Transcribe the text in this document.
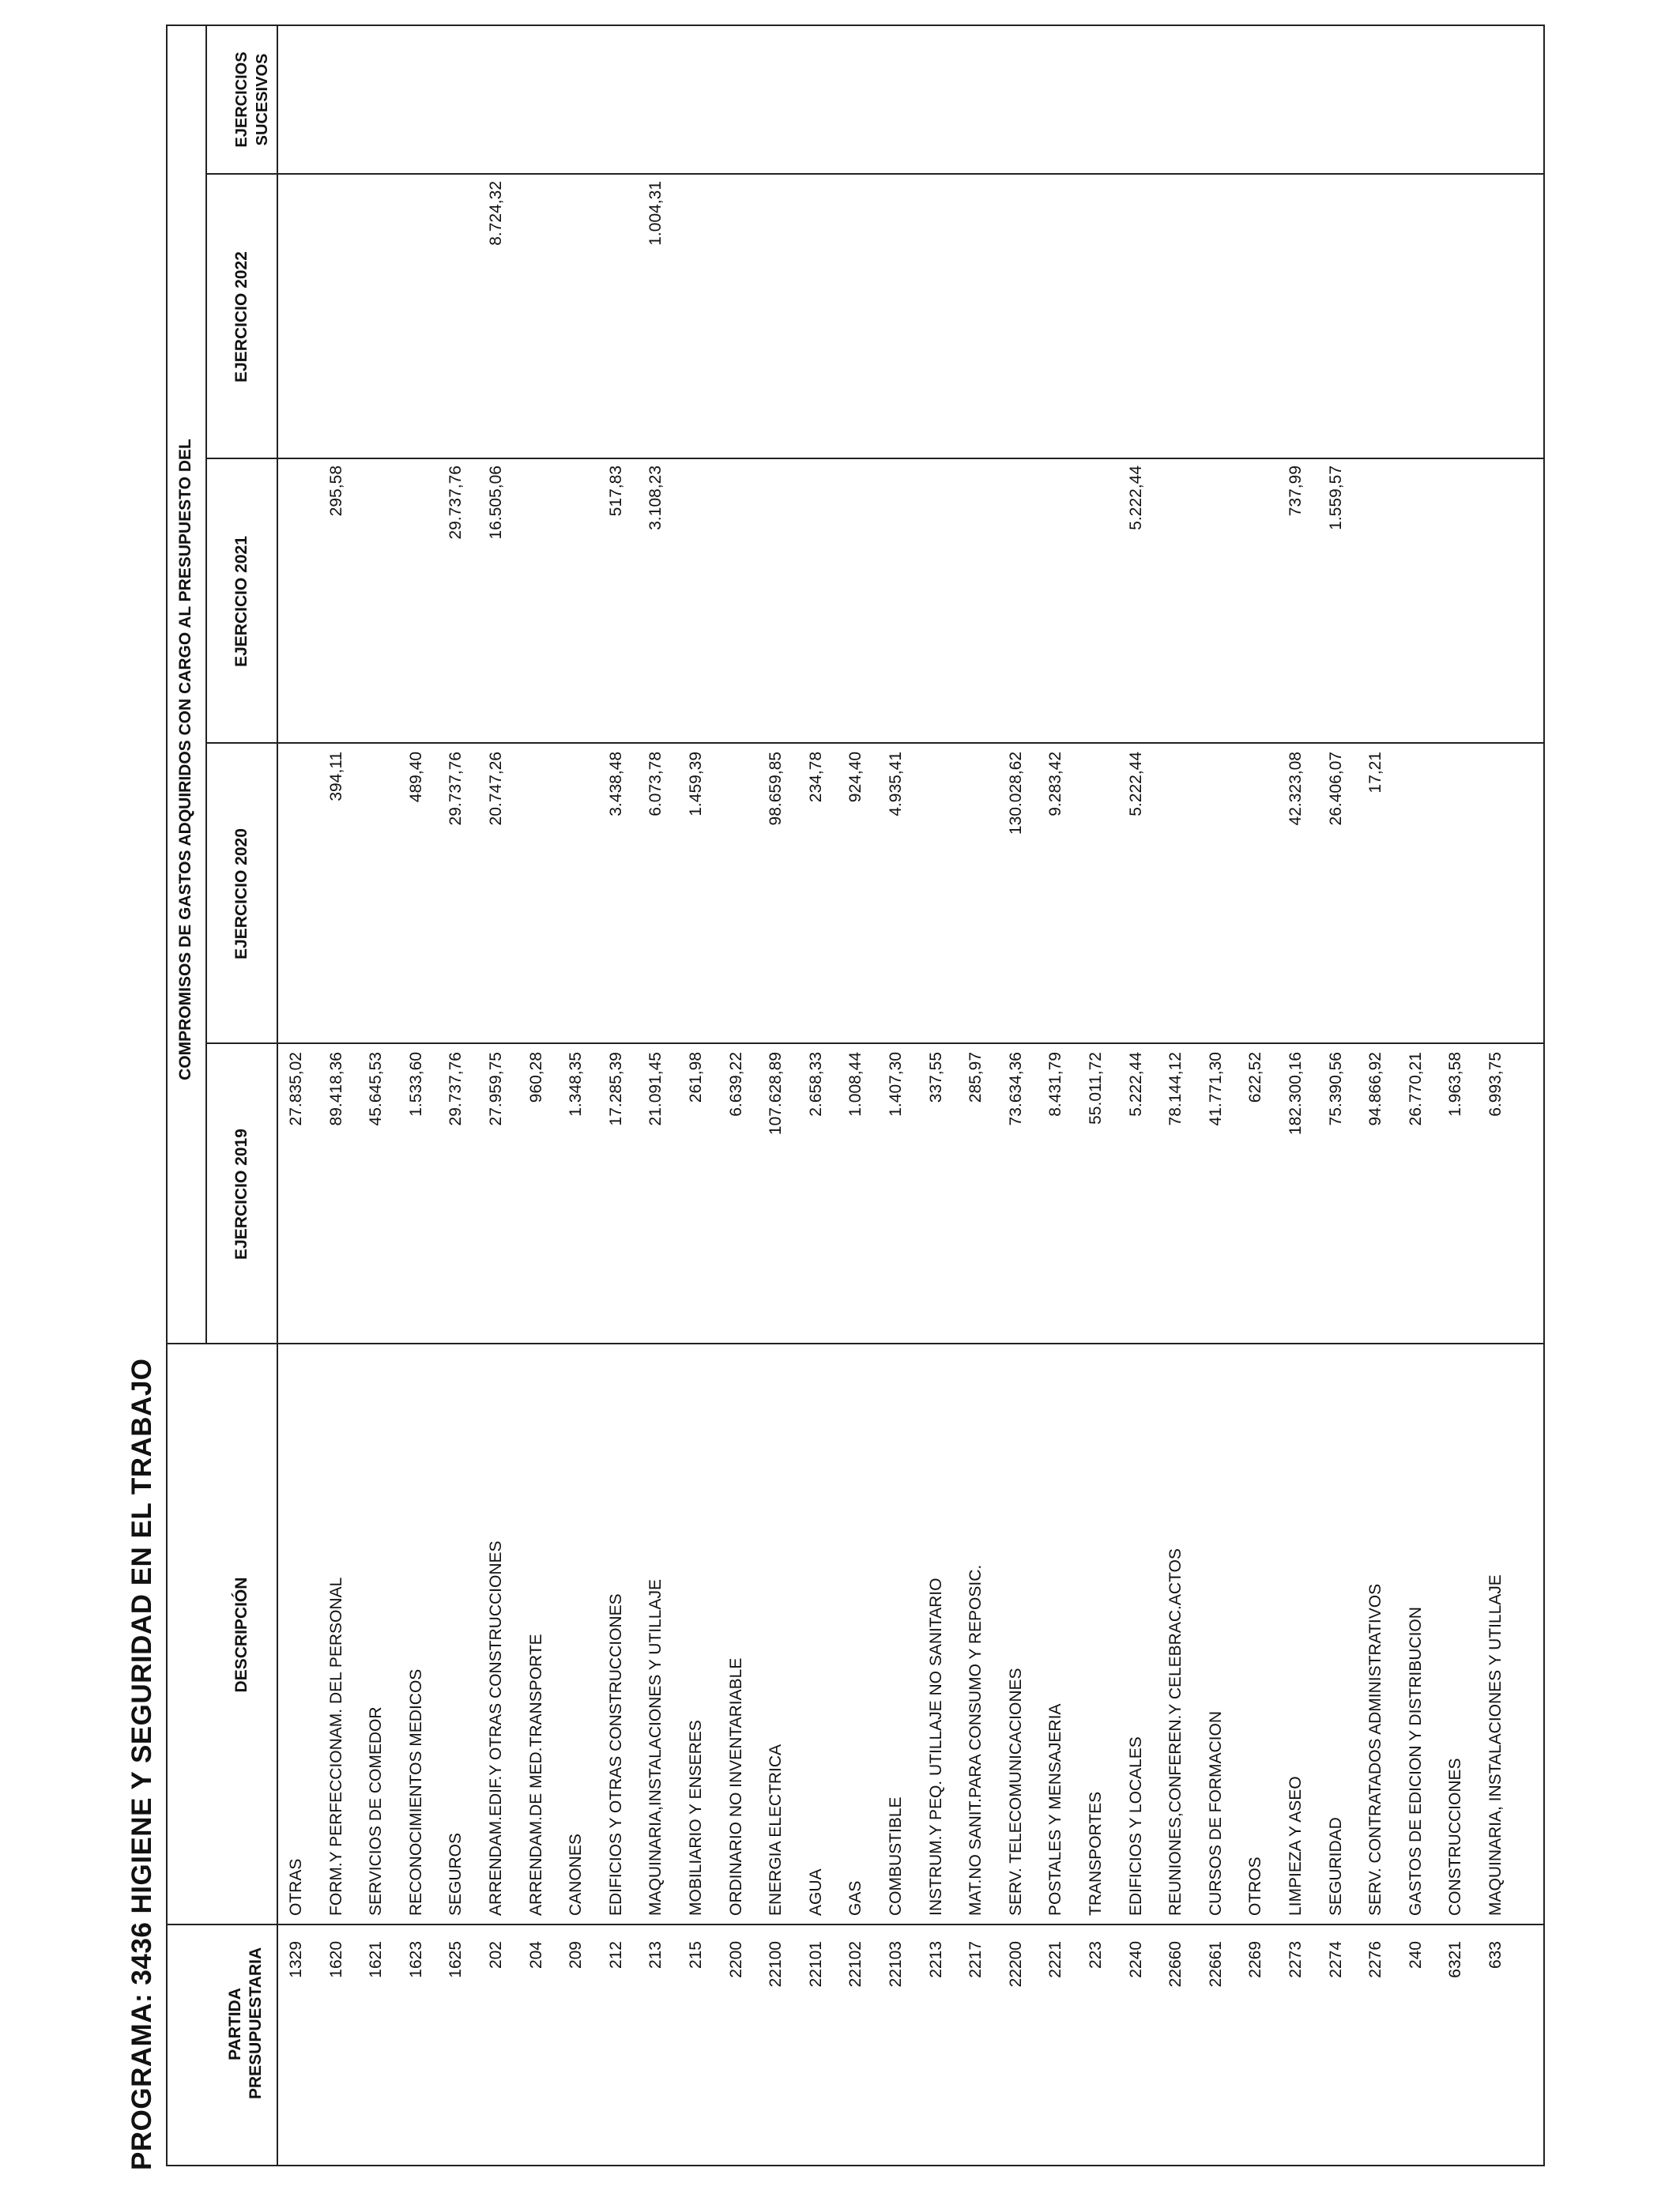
PROGRAMA: 3436 HIGIENE Y SEGURIDAD EN EL TRABAJO	PARTIDA PRESUPUESTARIA
DESCRIPCIÓN
COMPROMISOS DE GASTOS ADQUIRIDOS CON CARGO AL PRESUPUESTO DEL
EJERCICIO 2019
EJERCICIO 2020
EJERCICIO 2021
EJERCICIO 2022
EJERCICIOS SUCESIVOS
1329
OTRAS
27.835,02
1620
FORM.Y PERFECCIONAM. DEL PERSONAL
89.418,36
394,11
295,58
1621
SERVICIOS DE COMEDOR
45.645,53
1623
RECONOCIMIENTOS MEDICOS
1.533,60
489,40
1625
SEGUROS
29.737,76
29.737,76
29.737,76
202
ARRENDAM.EDIF.Y OTRAS CONSTRUCCIONES
27.959,75
20.747,26
16.505,06
8.724,32
204
ARRENDAM.DE MED.TRANSPORTE
960,28
209
CANONES
1.348,35
212
EDIFICIOS Y OTRAS CONSTRUCCIONES
17.285,39
3.438,48
517,83
213
MAQUINARIA,INSTALACIONES Y UTILLAJE
21.091,45
6.073,78
3.108,23
1.004,31
215
MOBILIARIO Y ENSERES
261,98
1.459,39
2200
ORDINARIO NO INVENTARIABLE
6.639,22
22100
ENERGIA ELECTRICA
107.628,89
98.659,85
22101
AGUA
2.658,33
234,78
22102
GAS
1.008,44
924,40
22103
COMBUSTIBLE
1.407,30
4.935,41
2213
INSTRUM.Y PEQ. UTILLAJE NO SANITARIO
337,55
2217
MAT.NO SANIT.PARA CONSUMO Y REPOSIC.
285,97
22200
SERV. TELECOMUNICACIONES
73.634,36
130.028,62
2221
POSTALES Y MENSAJERIA
8.431,79
9.283,42
223
TRANSPORTES
55.011,72
2240
EDIFICIOS Y LOCALES
5.222,44
5.222,44
5.222,44
22660
REUNIONES,CONFEREN.Y CELEBRAC.ACTOS
78.144,12
22661
CURSOS DE FORMACION
41.771,30
2269
OTROS
622,52
2273
LIMPIEZA Y ASEO
182.300,16
42.323,08
737,99
2274
SEGURIDAD
75.390,56
26.406,07
1.559,57
2276
SERV. CONTRATADOS ADMINISTRATIVOS
94.866,92
17,21
240
GASTOS DE EDICION Y DISTRIBUCION
26.770,21
6321
CONSTRUCCIONES
1.963,58
633
MAQUINARIA, INSTALACIONES Y UTILLAJE
6.993,75
